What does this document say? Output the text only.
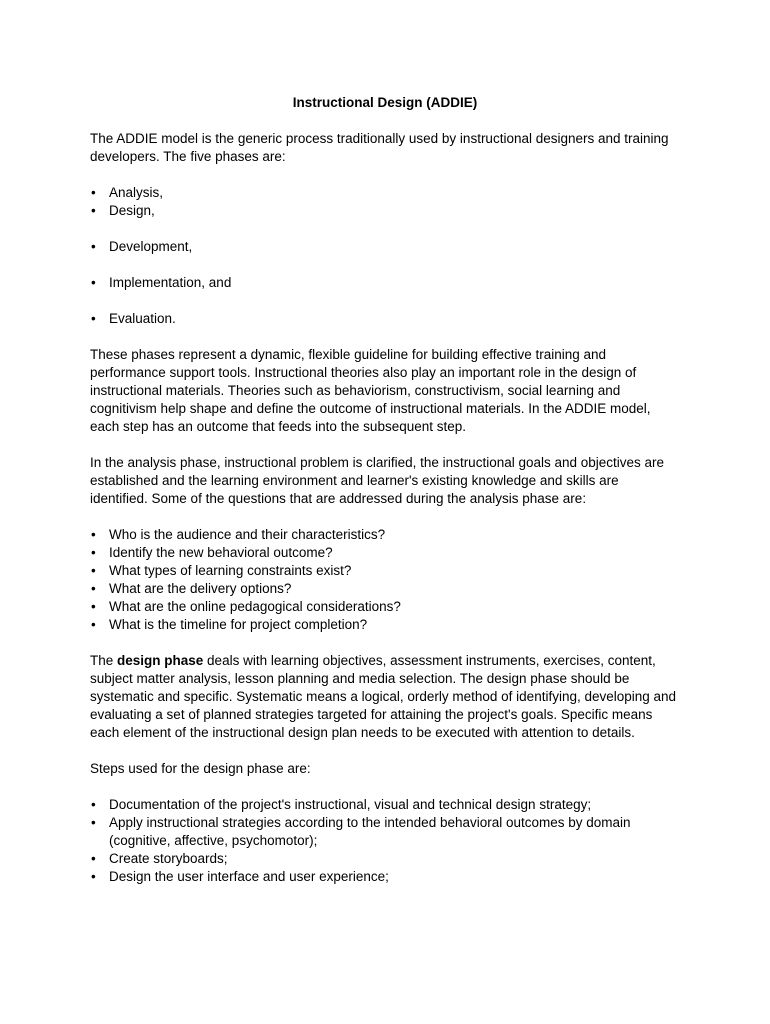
Instructional Design (ADDIE)

The ADDIE model is the generic process traditionally used by instructional designers and training developers. The five phases are:

• Analysis,
• Design,
• Development,
• Implementation, and
• Evaluation.

These phases represent a dynamic, flexible guideline for building effective training and performance support tools. Instructional theories also play an important role in the design of instructional materials. Theories such as behaviorism, constructivism, social learning and cognitivism help shape and define the outcome of instructional materials. In the ADDIE model, each step has an outcome that feeds into the subsequent step.

In the analysis phase, instructional problem is clarified, the instructional goals and objectives are established and the learning environment and learner's existing knowledge and skills are identified. Some of the questions that are addressed during the analysis phase are:

• Who is the audience and their characteristics?
• Identify the new behavioral outcome?
• What types of learning constraints exist?
• What are the delivery options?
• What are the online pedagogical considerations?
• What is the timeline for project completion?

The design phase deals with learning objectives, assessment instruments, exercises, content, subject matter analysis, lesson planning and media selection. The design phase should be systematic and specific. Systematic means a logical, orderly method of identifying, developing and evaluating a set of planned strategies targeted for attaining the project's goals. Specific means each element of the instructional design plan needs to be executed with attention to details.

Steps used for the design phase are:

• Documentation of the project's instructional, visual and technical design strategy;
• Apply instructional strategies according to the intended behavioral outcomes by domain (cognitive, affective, psychomotor);
• Create storyboards;
• Design the user interface and user experience;
